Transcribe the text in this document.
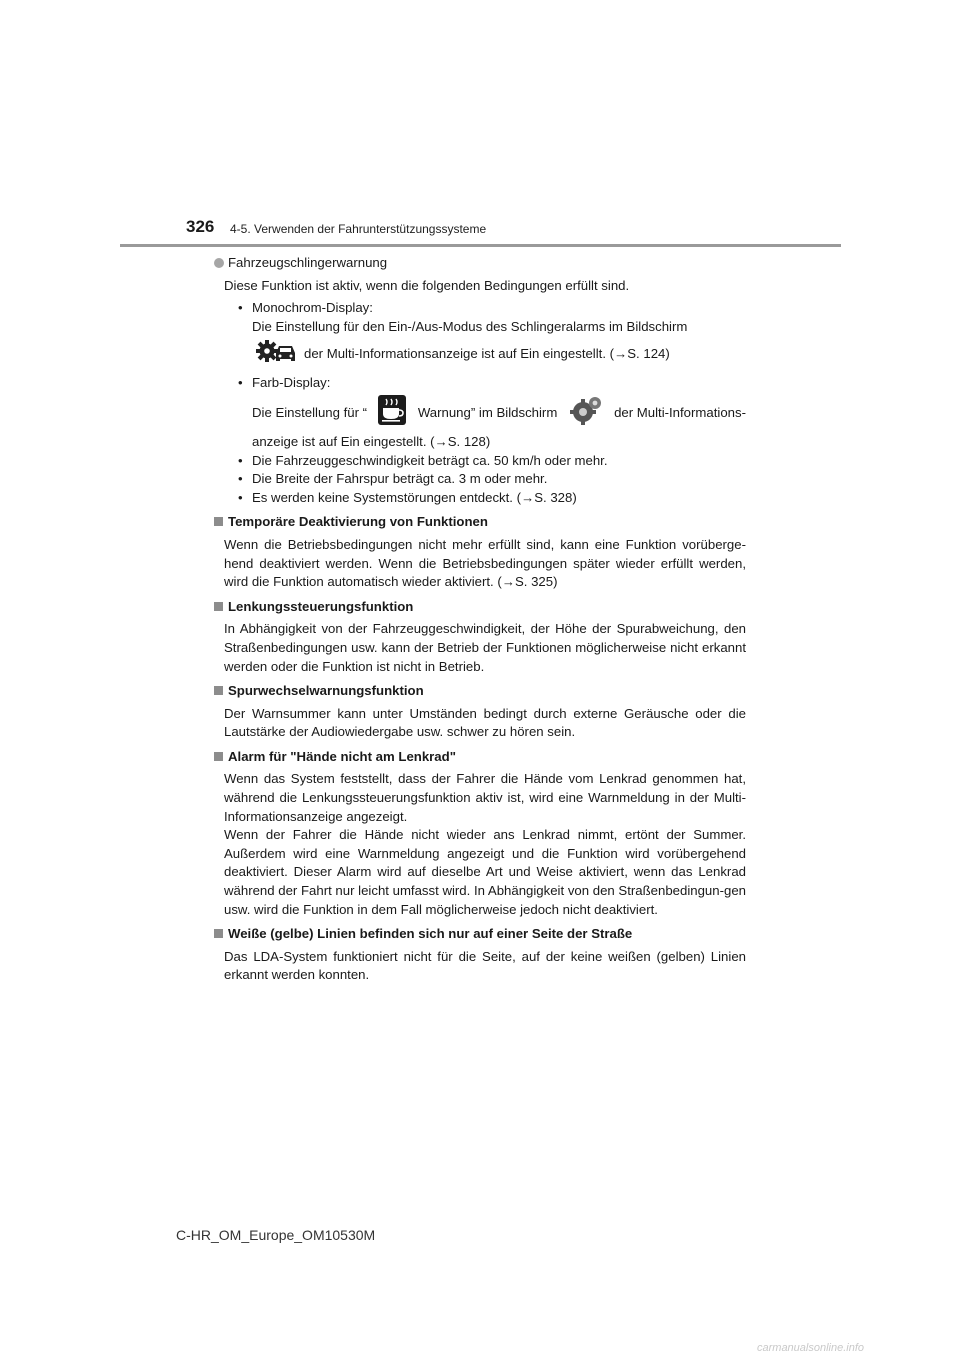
326 4-5. Verwenden der Fahrunterstützungssysteme
Fahrzeugschlingerwarnung
Diese Funktion ist aktiv, wenn die folgenden Bedingungen erfüllt sind.
• Monochrom-Display:
Die Einstellung für den Ein-/Aus-Modus des Schlingeralarms im Bildschirm
der Multi-Informationsanzeige ist auf Ein eingestellt. (→S. 124)
• Farb-Display:
Die Einstellung für “	Warnung” im Bildschirm	der Multi-Informations-
anzeige ist auf Ein eingestellt. (→S. 128)
• Die Fahrzeuggeschwindigkeit beträgt ca. 50 km/h oder mehr.
• Die Breite der Fahrspur beträgt ca. 3 m oder mehr.
• Es werden keine Systemstörungen entdeckt. (→S. 328)
Temporäre Deaktivierung von Funktionen
Wenn die Betriebsbedingungen nicht mehr erfüllt sind, kann eine Funktion vorüberge-hend deaktiviert werden. Wenn die Betriebsbedingungen später wieder erfüllt werden, wird die Funktion automatisch wieder aktiviert. (→S. 325)
Lenkungssteuerungsfunktion
In Abhängigkeit von der Fahrzeuggeschwindigkeit, der Höhe der Spurabweichung, den Straßenbedingungen usw. kann der Betrieb der Funktionen möglicherweise nicht erkannt werden oder die Funktion ist nicht in Betrieb.
Spurwechselwarnungsfunktion
Der Warnsummer kann unter Umständen bedingt durch externe Geräusche oder die Lautstärke der Audiowiedergabe usw. schwer zu hören sein.
Alarm für "Hände nicht am Lenkrad"
Wenn das System feststellt, dass der Fahrer die Hände vom Lenkrad genommen hat, während die Lenkungssteuerungsfunktion aktiv ist, wird eine Warnmeldung in der Multi-Informationsanzeige angezeigt.
Wenn der Fahrer die Hände nicht wieder ans Lenkrad nimmt, ertönt der Summer. Außerdem wird eine Warnmeldung angezeigt und die Funktion wird vorübergehend deaktiviert. Dieser Alarm wird auf dieselbe Art und Weise aktiviert, wenn das Lenkrad während der Fahrt nur leicht umfasst wird. In Abhängigkeit von den Straßenbedingun-gen usw. wird die Funktion in dem Fall möglicherweise jedoch nicht deaktiviert.
Weiße (gelbe) Linien befinden sich nur auf einer Seite der Straße
Das LDA-System funktioniert nicht für die Seite, auf der keine weißen (gelben) Linien erkannt werden konnten.
C-HR_OM_Europe_OM10530M
carmanualsonline.info
